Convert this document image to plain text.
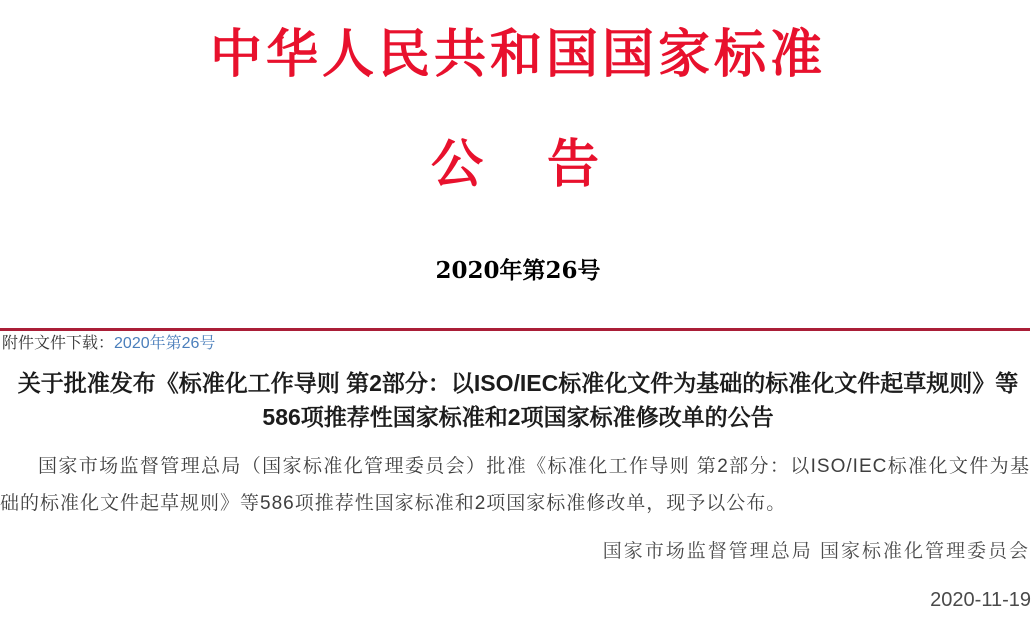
中华人民共和国国家标准
公　告
2020年第26号
附件文件下载：2020年第26号
关于批准发布《标准化工作导则 第2部分：以ISO/IEC标准化文件为基础的标准化文件起草规则》等
586项推荐性国家标准和2项国家标准修改单的公告
国家市场监督管理总局（国家标准化管理委员会）批准《标准化工作导则 第2部分：以ISO/IEC标准化文件为基础的标准化文件起草规则》等586项推荐性国家标准和2项国家标准修改单，现予以公布。
国家市场监督管理总局 国家标准化管理委员会
2020-11-19
